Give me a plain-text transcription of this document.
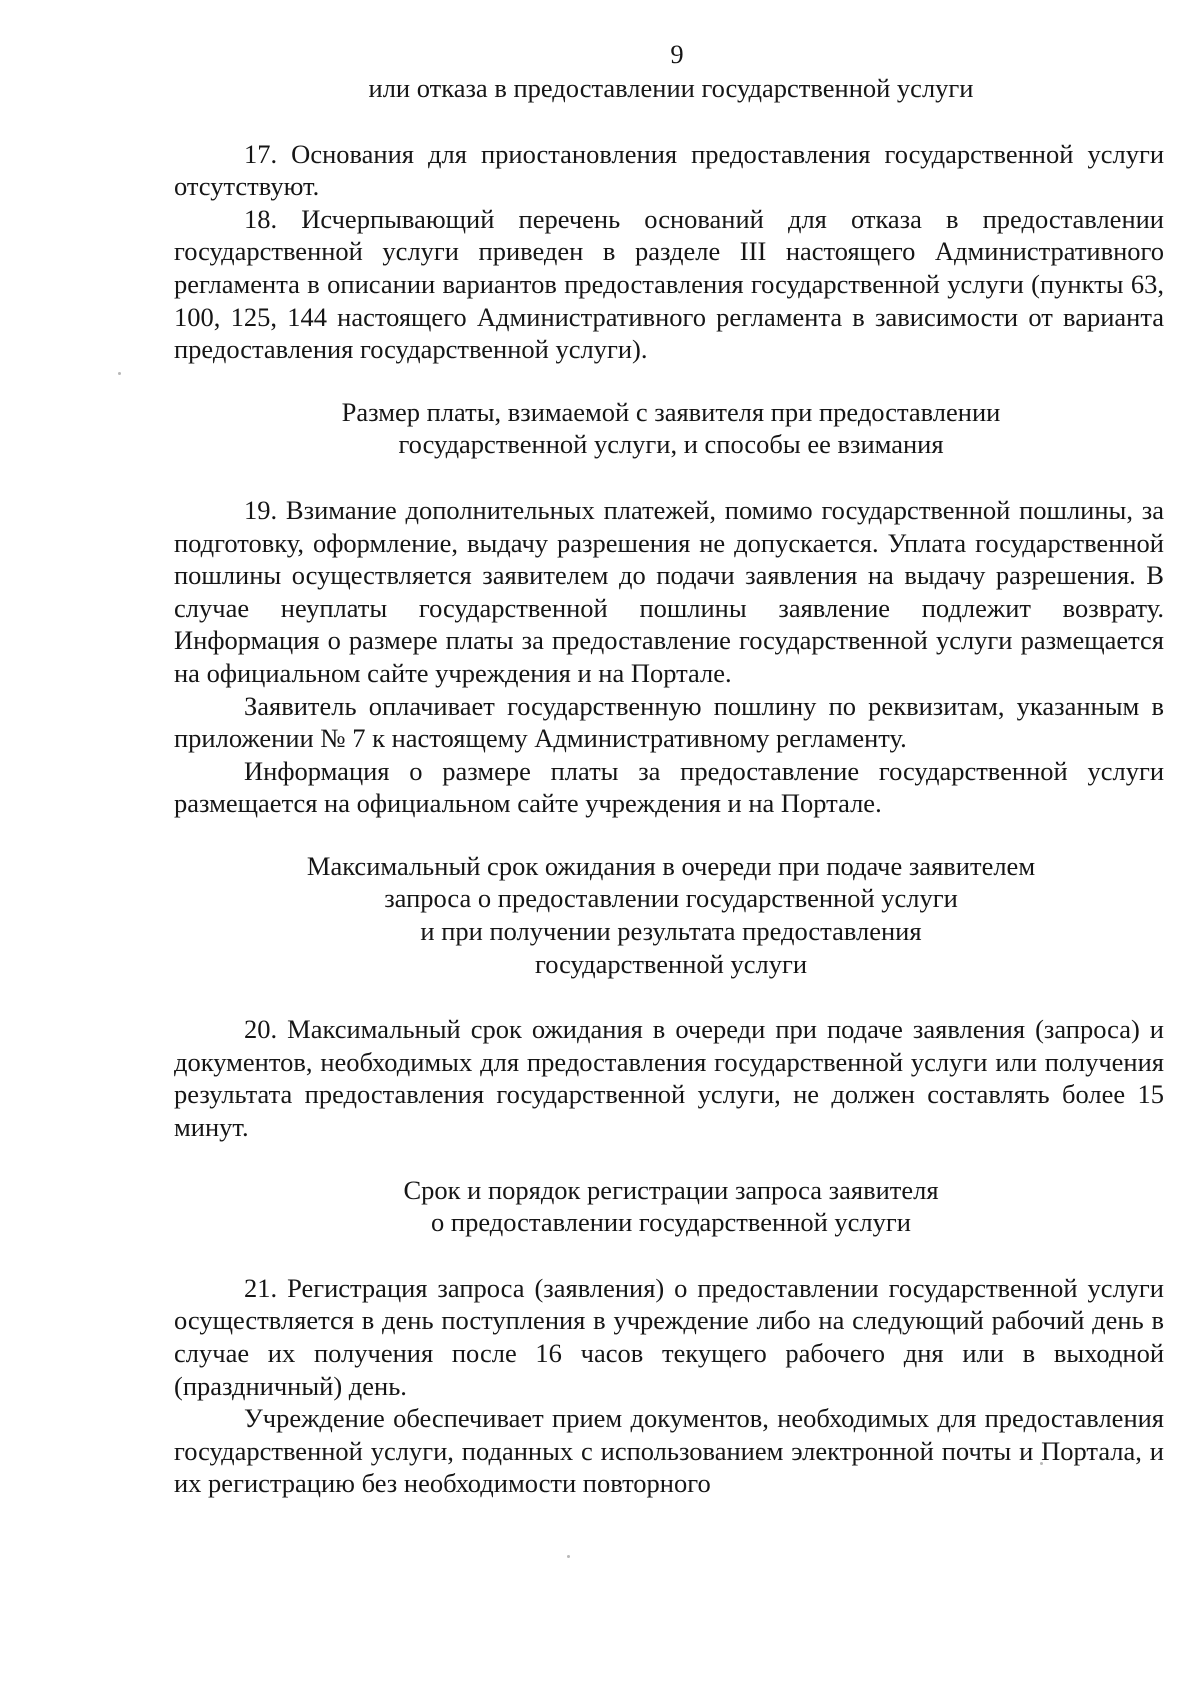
9

или отказа в предоставлении государственной услуги

17. Основания для приостановления предоставления государственной услуги отсутствуют.

18. Исчерпывающий перечень оснований для отказа в предоставлении государственной услуги приведен в разделе III настоящего Административного регламента в описании вариантов предоставления государственной услуги (пункты 63, 100, 125, 144 настоящего Административного регламента в зависимости от варианта предоставления государственной услуги).

Размер платы, взимаемой с заявителя при предоставлении
государственной услуги, и способы ее взимания

19. Взимание дополнительных платежей, помимо государственной пошлины, за подготовку, оформление, выдачу разрешения не допускается. Уплата государственной пошлины осуществляется заявителем до подачи заявления на выдачу разрешения. В случае неуплаты государственной пошлины заявление подлежит возврату. Информация о размере платы за предоставление государственной услуги размещается на официальном сайте учреждения и на Портале.

Заявитель оплачивает государственную пошлину по реквизитам, указанным в приложении № 7 к настоящему Административному регламенту.

Информация о размере платы за предоставление государственной услуги размещается на официальном сайте учреждения и на Портале.

Максимальный срок ожидания в очереди при подаче заявителем
запроса о предоставлении государственной услуги
и при получении результата предоставления
государственной услуги

20. Максимальный срок ожидания в очереди при подаче заявления (запроса) и документов, необходимых для предоставления государственной услуги или получения результата предоставления государственной услуги, не должен составлять более 15 минут.

Срок и порядок регистрации запроса заявителя
о предоставлении государственной услуги

21. Регистрация запроса (заявления) о предоставлении государственной услуги осуществляется в день поступления в учреждение либо на следующий рабочий день в случае их получения после 16 часов текущего рабочего дня или в выходной (праздничный) день.

Учреждение обеспечивает прием документов, необходимых для предоставления государственной услуги, поданных с использованием электронной почты и Портала, и их регистрацию без необходимости повторного
